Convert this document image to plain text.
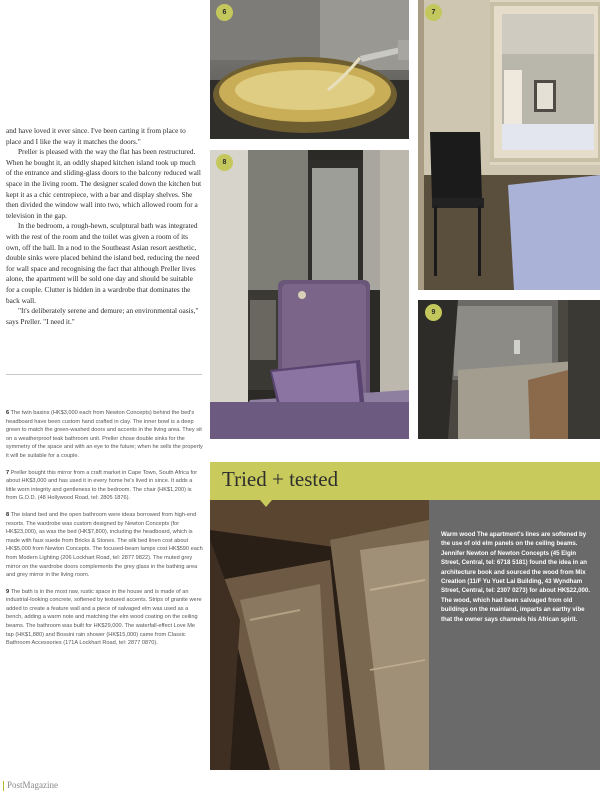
and have loved it ever since. I've been carting it from place to place and I like the way it matches the doors."

Preller is pleased with the way the flat has been restructured. When he bought it, an oddly shaped kitchen island took up much of the entrance and sliding-glass doors to the balcony reduced wall space in the living room. The designer scaled down the kitchen but kept it as a chic centrepiece, with a bar and display shelves. She then divided the window wall into two, which allowed room for a television in the gap.

In the bedroom, a rough-hewn, sculptural bath was integrated with the rest of the room and the toilet was given a room of its own, off the hall. In a nod to the Southeast Asian resort aesthetic, double sinks were placed behind the island bed, reducing the need for wall space and recognising the fact that although Preller lives alone, the apartment will be sold one day and should be suitable for a couple. Clutter is hidden in a wardrobe that dominates the back wall.

"It's deliberately serene and demure; an environmental oasis," says Preller. "I need it."

6 The twin basins (HK$3,000 each from Newton Concepts) behind the bed's headboard have been custom hand crafted in clay. The inner bowl is a deep green to match the green-washed doors and accents in the living area. They sit on a weatherproof teak bathroom unit. Preller chose double sinks for the symmetry of the space and with an eye to the future; when he sells the property it will be suitable for a couple.

7 Preller bought this mirror from a craft market in Cape Town, South Africa for about HK$3,000 and has used it in every home he's lived in since. It adds a little worn integrity and gentleness to the bedroom. The chair (HK$1,200) is from G.O.D. (48 Hollywood Road, tel: 2805 1876).

8 The island bed and the open bathroom were ideas borrowed from high-end resorts. The wardrobe was custom designed by Newton Concepts (for HK$23,000), as was the bed (HK$7,800), including the headboard, which is made with faux suede from Bricks & Stones. The silk bed linen cost about HK$5,000 from Newton Concepts. The focused-beam lamps cost HK$590 each from Modern Lighting (206 Lockhart Road, tel: 2877 9822). The muted grey mirror on the wardrobe doors complements the grey glass in the bathing area and grey mirror in the living room.

9 The bath is in the most raw, rustic space in the house and is made of an industrial-looking concrete, softened by textured accents. Strips of granite were added to create a feature wall and a piece of salvaged elm was used as a bench, adding a warm note and matching the elm wood coating on the ceiling beams. The bathroom was built for HK$29,000. The waterfall-effect Love Me tap (HK$1,880) and Bossini rain shower (HK$15,000) came from Classic Bathroom Accessories (171A Lockhart Road, tel: 2877 0870).

PostMagazine
6	7
8
9
Tried + tested
Warm wood The apartment's lines are softened by the use of old elm panels on the ceiling beams. Jennifer Newton of Newton Concepts (45 Elgin Street, Central, tel: 6718 5181) found the idea in an architecture book and sourced the wood from Mix Creation (11/F Yu Yuet Lai Building, 43 Wyndham Street, Central, tel: 2307 0273) for about HK$22,000. The wood, which had been salvaged from old buildings on the mainland, imparts an earthy vibe that the owner says channels his African spirit.
